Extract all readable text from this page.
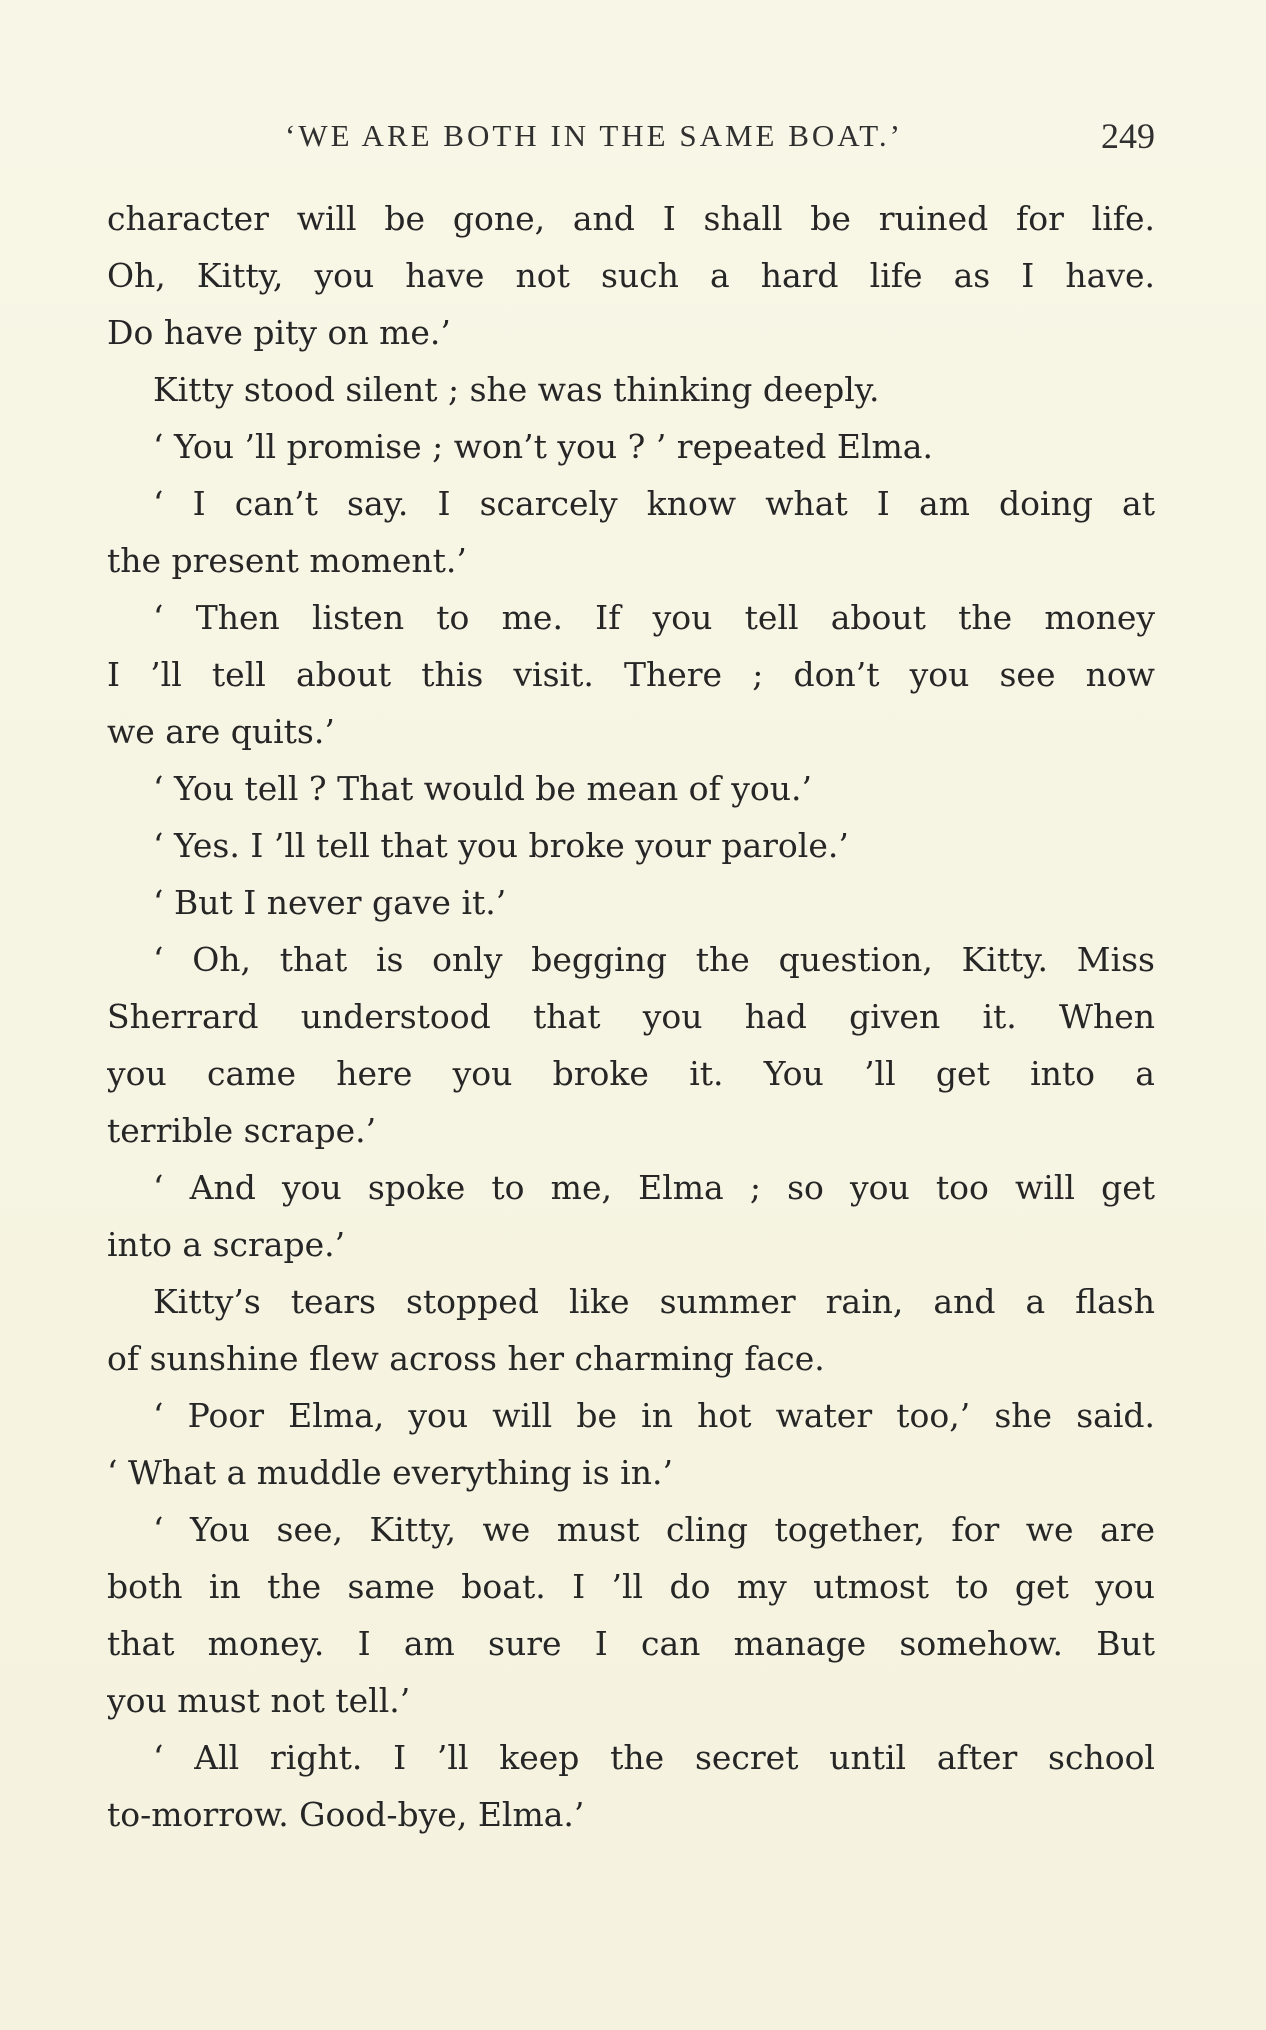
‘WE ARE BOTH IN THE SAME BOAT.’	249
character will be gone, and I shall be ruined for life.
Oh, Kitty, you have not such a hard life as I have.
Do have pity on me.’
Kitty stood silent ; she was thinking deeply.
‘ You ’ll promise ; won’t you ? ’ repeated Elma.
‘ I can’t say. I scarcely know what I am doing at
the present moment.’
‘ Then listen to me. If you tell about the money
I ’ll tell about this visit. There ; don’t you see now
we are quits.’
‘ You tell ? That would be mean of you.’
‘ Yes. I ’ll tell that you broke your parole.’
‘ But I never gave it.’
‘ Oh, that is only begging the question, Kitty. Miss
Sherrard understood that you had given it. When
you came here you broke it. You ’ll get into a
terrible scrape.’
‘ And you spoke to me, Elma ; so you too will get
into a scrape.’
Kitty’s tears stopped like summer rain, and a flash
of sunshine flew across her charming face.
‘ Poor Elma, you will be in hot water too,’ she said.
‘ What a muddle everything is in.’
‘ You see, Kitty, we must cling together, for we are
both in the same boat. I ’ll do my utmost to get you
that money. I am sure I can manage somehow. But
you must not tell.’
‘ All right. I ’ll keep the secret until after school
to-morrow. Good-bye, Elma.’
